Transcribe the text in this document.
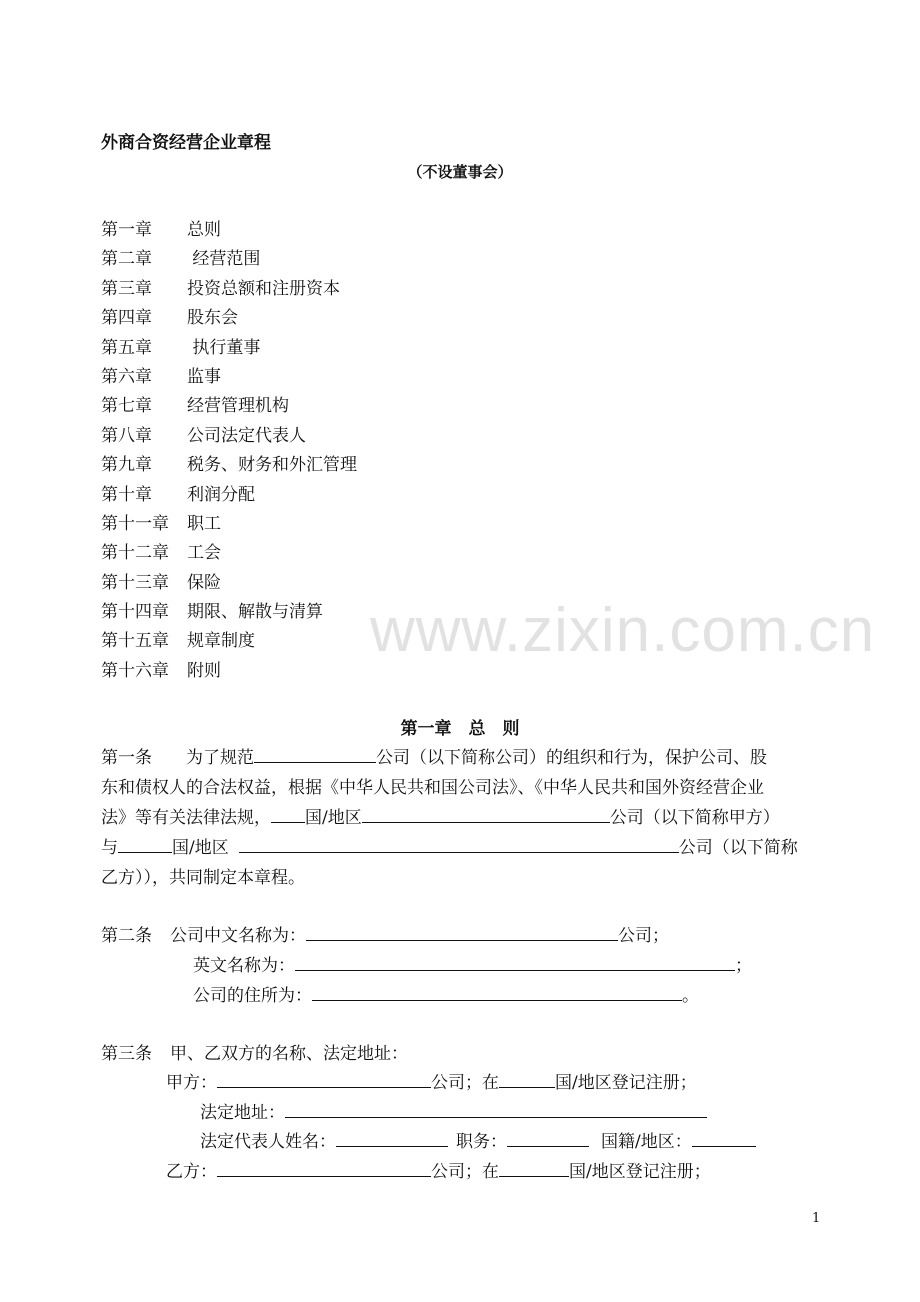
外商合资经营企业章程
（不设董事会）
第一章 总则
第二章 经营范围
第三章 投资总额和注册资本
第四章 股东会
第五章 执行董事
第六章 监事
第七章 经营管理机构
第八章 公司法定代表人
第九章 税务、财务和外汇管理
第十章 利润分配
第十一章 职工
第十二章 工会
第十三章 保险
第十四章 期限、解散与清算
第十五章 规章制度
第十六章 附则
www.zixin.com.cn
第一章　总　则
第一条 为了规范	公司（以下简称公司）的组织和行为，保护公司、股
东和债权人的合法权益，根据《中华人民共和国公司法》、《中华人民共和国外资经营企业
法》等有关法律法规， 国/地区	公司（以下简称甲方）
与	国/地区	公司（以下简称
乙方）），共同制定本章程。
第二条 公司中文名称为：	公司；
英文名称为：	；
公司的住所为：	。
第三条 甲、乙双方的名称、法定地址：
甲方：	公司；在	国/地区登记注册；
法定地址：
法定代表人姓名：	职务：	国籍/地区：
乙方：	公司；在	国/地区登记注册；
1
